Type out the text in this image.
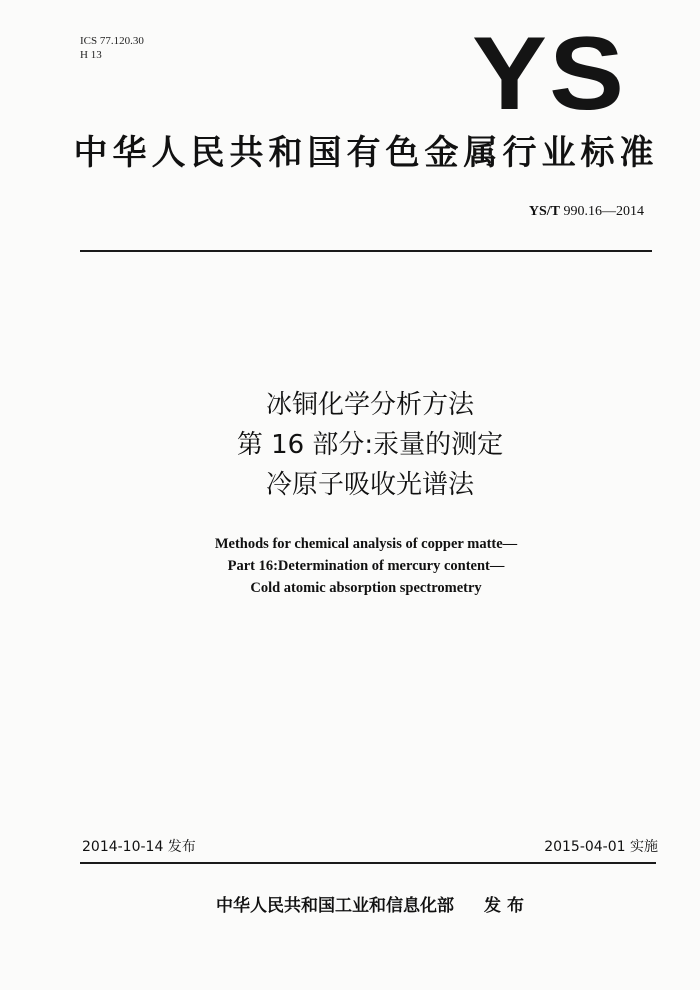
ICS 77.120.30
H 13	YS
中华人民共和国有色金属行业标准
YS/T 990.16—2014
冰铜化学分析方法
第 16 部分:汞量的测定
冷原子吸收光谱法
Methods for chemical analysis of copper matte—
Part 16:Determination of mercury content—
Cold atomic absorption spectrometry
2014-10-14 发布	2015-04-01 实施
中华人民共和国工业和信息化部 发 布
